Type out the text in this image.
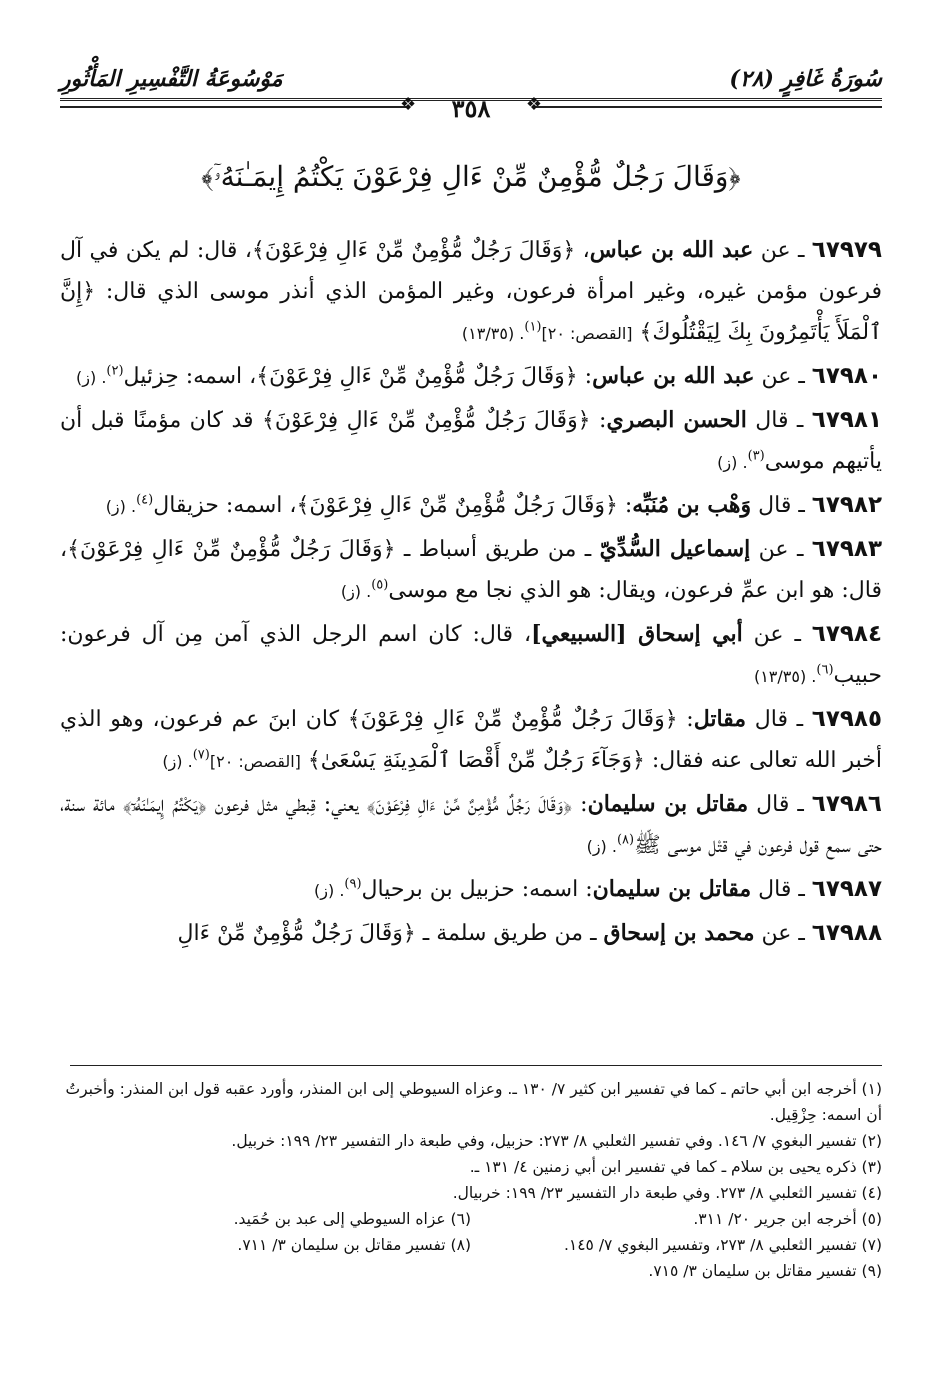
سُورَةُ غَافِرٍ (٢٨)
مَوْسُوعَةُ التَّفْسِيرِ المَأْثُورِ
❖	❖
٣٥٨
﴿وَقَالَ رَجُلٌ مُّؤْمِنٌ مِّنْ ءَالِ فِرْعَوْنَ يَكْتُمُ إِيمَـٰنَهُۥٓ﴾

٦٧٩٧٩ ـ عن عبد الله بن عباس، ﴿وَقَالَ رَجُلٌ مُّؤْمِنٌ مِّنْ ءَالِ فِرْعَوْنَ﴾، قال: لم يكن في آل فرعون مؤمن غيره، وغير امرأة فرعون، وغير المؤمن الذي أنذر موسى الذي قال: ﴿إِنَّ ٱلْمَلَأَ يَأْتَمِرُونَ بِكَ لِيَقْتُلُوكَ﴾ [القصص: ٢٠]$^{(١)}$. (١٣/٣٥)

٦٧٩٨٠ ـ عن عبد الله بن عباس: ﴿وَقَالَ رَجُلٌ مُّؤْمِنٌ مِّنْ ءَالِ فِرْعَوْنَ﴾، اسمه: حِزئيل$^{(٢)}$. (ز)

٦٧٩٨١ ـ قال الحسن البصري: ﴿وَقَالَ رَجُلٌ مُّؤْمِنٌ مِّنْ ءَالِ فِرْعَوْنَ﴾ قد كان مؤمنًا قبل أن يأتيهم موسى$^{(٣)}$. (ز)

٦٧٩٨٢ ـ قال وَهْب بن مُنَبِّه: ﴿وَقَالَ رَجُلٌ مُّؤْمِنٌ مِّنْ ءَالِ فِرْعَوْنَ﴾، اسمه: حزيقال$^{(٤)}$. (ز)

٦٧٩٨٣ ـ عن إسماعيل السُّدِّيّ ـ من طريق أسباط ـ ﴿وَقَالَ رَجُلٌ مُّؤْمِنٌ مِّنْ ءَالِ فِرْعَوْنَ﴾، قال: هو ابن عمِّ فرعون، ويقال: هو الذي نجا مع موسى$^{(٥)}$. (ز)

٦٧٩٨٤ ـ عن أبي إسحاق [السبيعي]، قال: كان اسم الرجل الذي آمن مِن آل فرعون: حبيب$^{(٦)}$. (١٣/٣٥)

٦٧٩٨٥ ـ قال مقاتل: ﴿وَقَالَ رَجُلٌ مُّؤْمِنٌ مِّنْ ءَالِ فِرْعَوْنَ﴾ كان ابنَ عم فرعون، وهو الذي أخبر الله تعالى عنه فقال: ﴿وَجَآءَ رَجُلٌ مِّنْ أَقْصَا ٱلْمَدِينَةِ يَسْعَىٰ﴾ [القصص: ٢٠]$^{(٧)}$. (ز)

٦٧٩٨٦ ـ قال مقاتل بن سليمان: ﴿وَقَالَ رَجُلٌ مُّؤْمِنٌ مِّنْ ءَالِ فِرْعَوْنَ﴾ يعني: قِبطي مثل فرعون ﴿يَكْتُمُ إِيمَـٰنَهُۥٓ﴾ مائة سنة، حتى سمع قول فرعون في قتْل موسى ﷺ$^{(٨)}$. (ز)

٦٧٩٨٧ ـ قال مقاتل بن سليمان: اسمه: حزبيل بن برحيال$^{(٩)}$. (ز)

٦٧٩٨٨ ـ عن محمد بن إسحاق ـ من طريق سلمة ـ ﴿وَقَالَ رَجُلٌ مُّؤْمِنٌ مِّنْ ءَالِ

(١) أخرجه ابن أبي حاتم ـ كما في تفسير ابن كثير ٧/ ١٣٠ ـ. وعزاه السيوطي إلى ابن المنذر، وأورد عقبه قول ابن المنذر: وأخبرتُ أن اسمه: حِزْقِيل.
(٢) تفسير البغوي ٧/ ١٤٦. وفي تفسير الثعلبي ٨/ ٢٧٣: حزبيل، وفي طبعة دار التفسير ٢٣/ ١٩٩: خربيل.
(٣) ذكره يحيى بن سلام ـ كما في تفسير ابن أبي زمنين ٤/ ١٣١ ـ.
(٤) تفسير الثعلبي ٨/ ٢٧٣. وفي طبعة دار التفسير ٢٣/ ١٩٩: خربيال.
(٥) أخرجه ابن جرير ٢٠/ ٣١١.
(٦) عزاه السيوطي إلى عبد بن حُمَيد.
(٧) تفسير الثعلبي ٨/ ٢٧٣، وتفسير البغوي ٧/ ١٤٥.
(٨) تفسير مقاتل بن سليمان ٣/ ٧١١.
(٩) تفسير مقاتل بن سليمان ٣/ ٧١٥.
